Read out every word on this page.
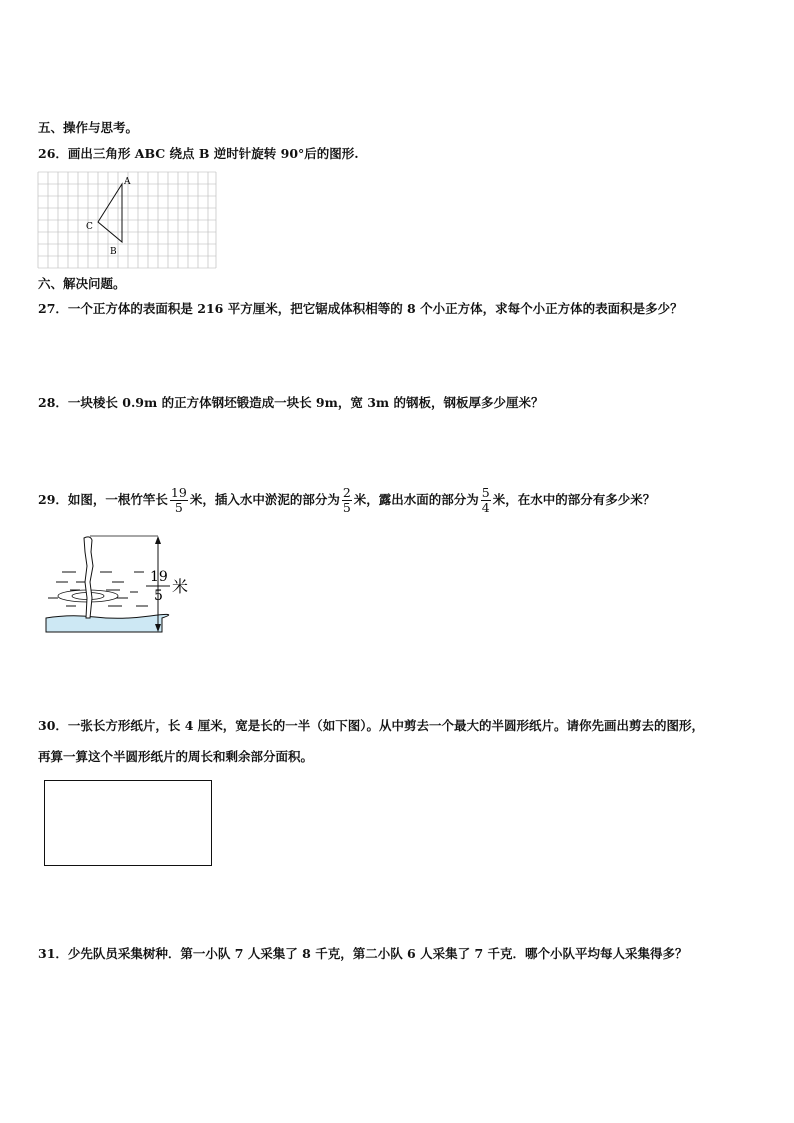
五、操作与思考。
26．画出三角形 ABC 绕点 B 逆时针旋转 90°后的图形.
A
B
C
六、解决问题。
27．一个正方体的表面积是 216 平方厘米，把它锯成体积相等的 8 个小正方体，求每个小正方体的表面积是多少？
28．一块棱长 0.9m 的正方体钢坯锻造成一块长 9m，宽 3m 的钢板，钢板厚多少厘米？
29．如图，一根竹竿长 $\frac{19}{5}$ 米，插入水中淤泥的部分为 $\frac{2}{5}$ 米，露出水面的部分为 $\frac{5}{4}$ 米，在水中的部分有多少米？
19
5 米
30．一张长方形纸片，长 4 厘米，宽是长的一半（如下图）。从中剪去一个最大的半圆形纸片。请你先画出剪去的图形，
再算一算这个半圆形纸片的周长和剩余部分面积。
31．少先队员采集树种．第一小队 7 人采集了 8 千克，第二小队 6 人采集了 7 千克．哪个小队平均每人采集得多？
